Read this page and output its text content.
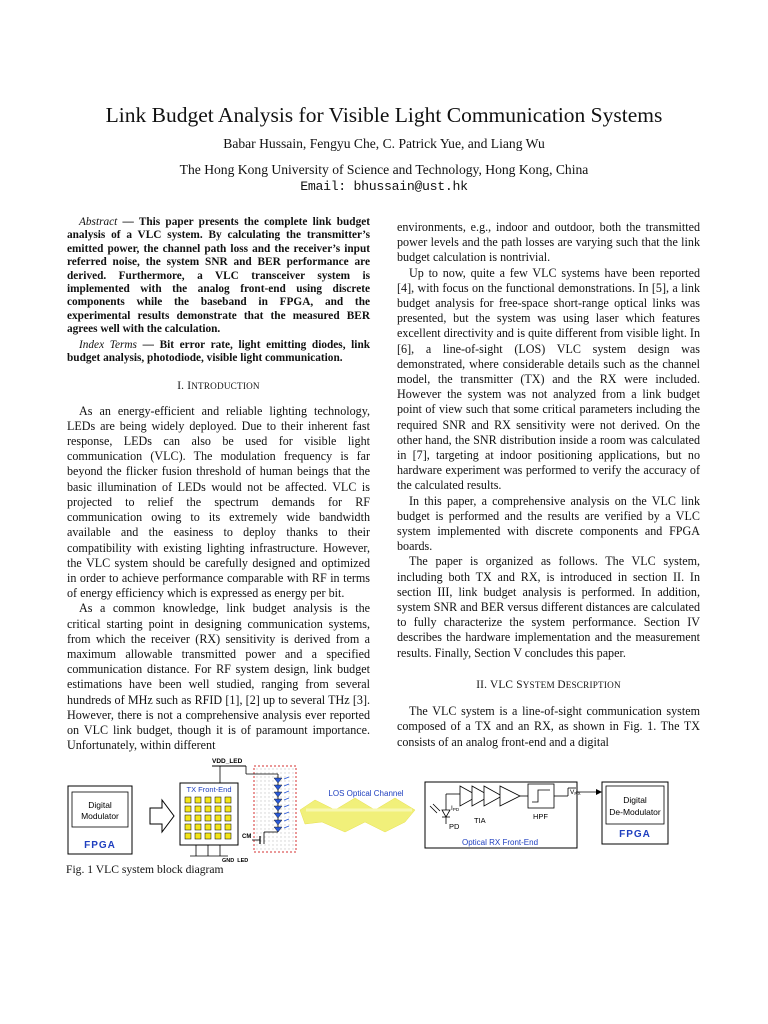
Link Budget Analysis for Visible Light Communication Systems
Babar Hussain, Fengyu Che, C. Patrick Yue, and Liang Wu
The Hong Kong University of Science and Technology, Hong Kong, China
Email: bhussain@ust.hk

Abstract — This paper presents the complete link budget analysis of a VLC system. By calculating the transmitter’s emitted power, the channel path loss and the receiver’s input referred noise, the system SNR and BER performance are derived. Furthermore, a VLC transceiver system is implemented with the analog front-end using discrete components while the baseband in FPGA, and the experimental results demonstrate that the measured BER agrees well with the calculation.

Index Terms — Bit error rate, light emitting diodes, link budget analysis, photodiode, visible light communication.

I. INTRODUCTION

As an energy-efficient and reliable lighting technology, LEDs are being widely deployed. Due to their inherent fast response, LEDs can also be used for visible light communication (VLC). The modulation frequency is far beyond the flicker fusion threshold of human beings that the basic illumination of LEDs would not be affected. VLC is projected to relief the spectrum demands for RF communication owing to its extremely wide bandwidth available and the easiness to deploy thanks to their compatibility with existing lighting infrastructure. However, the VLC system should be carefully designed and optimized in order to achieve performance comparable with RF in terms of energy efficiency which is expressed as energy per bit.

As a common knowledge, link budget analysis is the critical starting point in designing communication systems, from which the receiver (RX) sensitivity is derived from a maximum allowable transmitted power and a specified communication distance. For RF system design, link budget estimations have been well studied, ranging from several hundreds of MHz such as RFID [1], [2] up to several THz [3]. However, there is not a comprehensive analysis ever reported on VLC link budget, though it is of paramount importance. Unfortunately, within different

environments, e.g., indoor and outdoor, both the transmitted power levels and the path losses are varying such that the link budget calculation is nontrivial.

Up to now, quite a few VLC systems have been reported [4], with focus on the functional demonstrations. In [5], a link budget analysis for free-space short-range optical links was presented, but the system was using laser which features excellent directivity and is quite different from visible light. In [6], a line-of-sight (LOS) VLC system design was demonstrated, where considerable details such as the channel model, the transmitter (TX) and the RX were included. However the system was not analyzed from a link budget point of view such that some critical parameters including the required SNR and RX sensitivity were not derived. On the other hand, the SNR distribution inside a room was calculated in [7], targeting at indoor positioning applications, but no hardware experiment was performed to verify the accuracy of the calculated results.

In this paper, a comprehensive analysis on the VLC link budget is performed and the results are verified by a VLC system implemented with discrete components and FPGA boards.

The paper is organized as follows. The VLC system, including both TX and RX, is introduced in section II. In section III, link budget analysis is performed. In addition, system SNR and BER versus different distances are calculated to fully characterize the system performance. Section IV describes the hardware implementation and the measurement results. Finally, Section V concludes this paper.

II. VLC SYSTEM DESCRIPTION

The VLC system is a line-of-sight communication system composed of a TX and an RX, as shown in Fig. 1. The TX consists of an analog front-end and a digital

Digital
Modulator
FPGA
VDD_LED
TX Front-End
GND_LED
CM
LOS Optical Channel
IPD
PD
TIA	HPF
VRX
Optical RX Front-End
Digital
De-Modulator
FPGA
Fig. 1 VLC system block diagram
